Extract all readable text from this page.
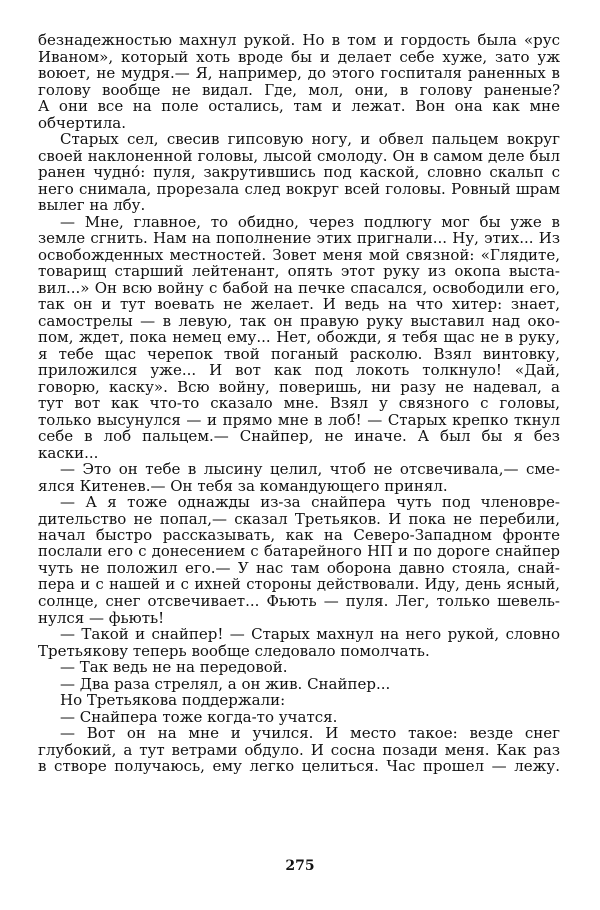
безнадежностью махнул рукой. Но в том и гордость была «рус
Иваном», который хоть вроде бы и делает себе хуже, зато уж
воюет, не мудря.— Я, например, до этого госпиталя раненных в
голову вообще не видал. Где, мол, они, в голову раненые?
А они все на поле остались, там и лежат. Вон она как мне
обчертила.
Старых сел, свесив гипсовую ногу, и обвел пальцем вокруг
своей наклоненной головы, лысой смолоду. Он в самом деле был
ранен чудно́: пуля, закрутившись под каской, словно скальп с
него снимала, прорезала след вокруг всей головы. Ровный шрам
вылег на лбу.
— Мне, главное, то обидно, через подлюгу мог бы уже в
земле сгнить. Нам на пополнение этих пригнали... Ну, этих... Из
освобожденных местностей. Зовет меня мой связной: «Глядите,
товарищ старший лейтенант, опять этот руку из окопа выста-
вил...» Он всю войну с бабой на печке спасался, освободили его,
так он и тут воевать не желает. И ведь на что хитер: знает,
самострелы — в левую, так он правую руку выставил над око-
пом, ждет, пока немец ему... Нет, обожди, я тебя щас не в руку,
я тебе щас черепок твой поганый расколю. Взял винтовку,
приложился уже... И вот как под локоть толкнуло! «Дай,
говорю, каску». Всю войну, поверишь, ни разу не надевал, а
тут вот как что-то сказало мне. Взял у связного с головы,
только высунулся — и прямо мне в лоб! — Старых крепко ткнул
себе в лоб пальцем.— Снайпер, не иначе. А был бы я без
каски...
— Это он тебе в лысину целил, чтоб не отсвечивала,— сме-
ялся Китенев.— Он тебя за командующего принял.
— А я тоже однажды из-за снайпера чуть под членовре-
дительство не попал,— сказал Третьяков. И пока не перебили,
начал быстро рассказывать, как на Северо-Западном фронте
послали его с донесением с батарейного НП и по дороге снайпер
чуть не положил его.— У нас там оборона давно стояла, снай-
пера и с нашей и с ихней стороны действовали. Иду, день ясный,
солнце, снег отсвечивает... Фьють — пуля. Лег, только шевель-
нулся — фьють!
— Такой и снайпер! — Старых махнул на него рукой, словно
Третьякову теперь вообще следовало помолчать.
— Так ведь не на передовой.
— Два раза стрелял, а он жив. Снайпер...
Но Третьякова поддержали:
— Снайпера тоже когда-то учатся.
— Вот он на мне и учился. И место такое: везде снег
глубокий, а тут ветрами обдуло. И сосна позади меня. Как раз
в створе получаюсь, ему легко целиться. Час прошел — лежу.
275
